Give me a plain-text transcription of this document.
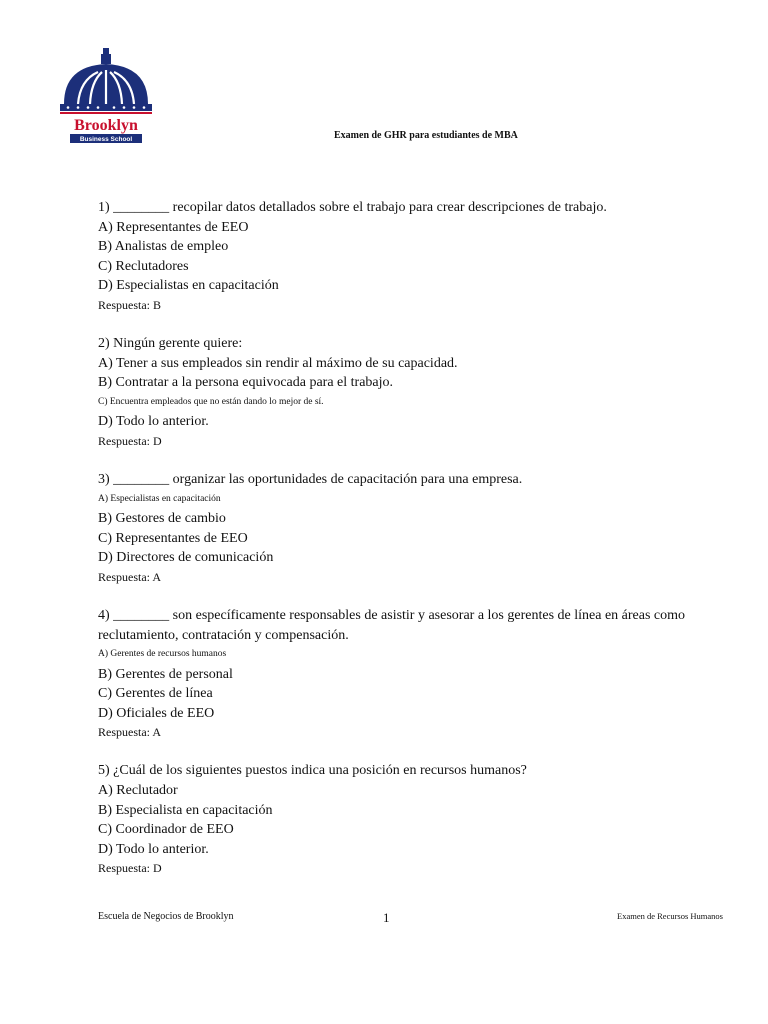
Brooklyn
Business School	Examen de GHR para estudiantes de MBA
1) ________ recopilar datos detallados sobre el trabajo para crear descripciones de trabajo.
A) Representantes de EEO
B) Analistas de empleo
C) Reclutadores
D) Especialistas en capacitación
Respuesta: B
2) Ningún gerente quiere:
A) Tener a sus empleados sin rendir al máximo de su capacidad.
B) Contratar a la persona equivocada para el trabajo.
C) Encuentra empleados que no están dando lo mejor de sí.
D) Todo lo anterior.
Respuesta: D
3) ________ organizar las oportunidades de capacitación para una empresa.
A) Especialistas en capacitación
B) Gestores de cambio
C) Representantes de EEO
D) Directores de comunicación
Respuesta: A
4) ________ son específicamente responsables de asistir y asesorar a los gerentes de línea en áreas como reclutamiento, contratación y compensación.
A) Gerentes de recursos humanos
B) Gerentes de personal
C) Gerentes de línea
D) Oficiales de EEO
Respuesta: A
5) ¿Cuál de los siguientes puestos indica una posición en recursos humanos?
A) Reclutador
B) Especialista en capacitación
C) Coordinador de EEO
D) Todo lo anterior.
Respuesta: D
Escuela de Negocios de Brooklyn	1	Examen de Recursos Humanos
